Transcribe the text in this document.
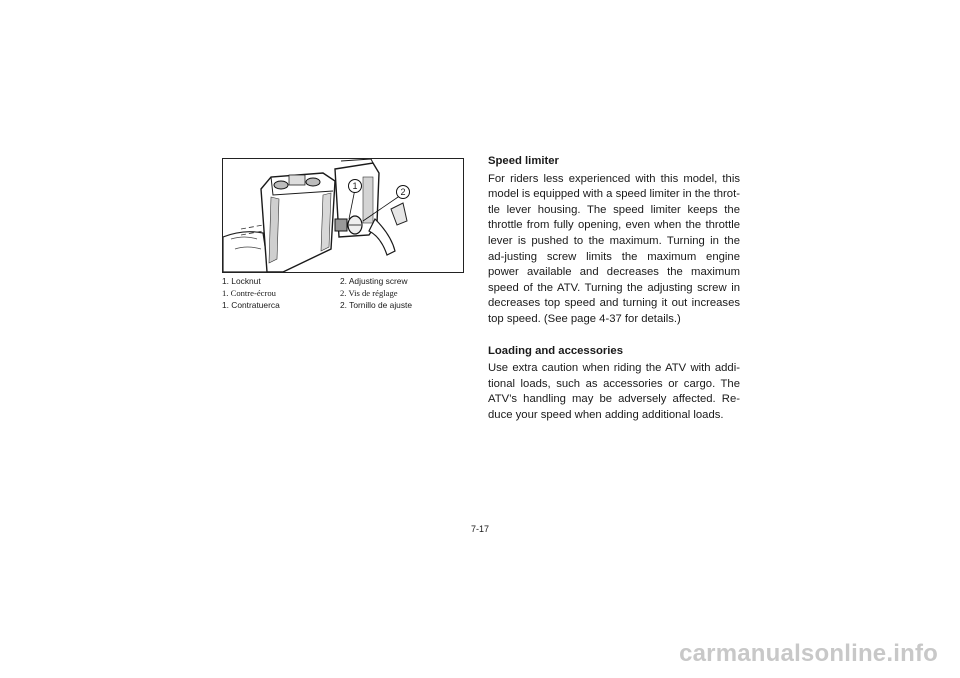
1
2
1. Locknut	2. Adjusting screw
1. Contre-écrou	2. Vis de réglage
1. Contratuerca	2. Tornillo de ajuste

Speed limiter

For riders less experienced with this model, this model is equipped with a speed limiter in the throt-tle lever housing. The speed limiter keeps the throttle from fully opening, even when the throttle lever is pushed to the maximum. Turning in the ad-justing screw limits the maximum engine power available and decreases the maximum speed of the ATV. Turning the adjusting screw in decreases top speed and turning it out increases top speed. (See page 4-37 for details.)

Loading and accessories

Use extra caution when riding the ATV with addi-tional loads, such as accessories or cargo. The ATV’s handling may be adversely affected. Re-duce your speed when adding additional loads.

7-17
carmanualsonline.info
